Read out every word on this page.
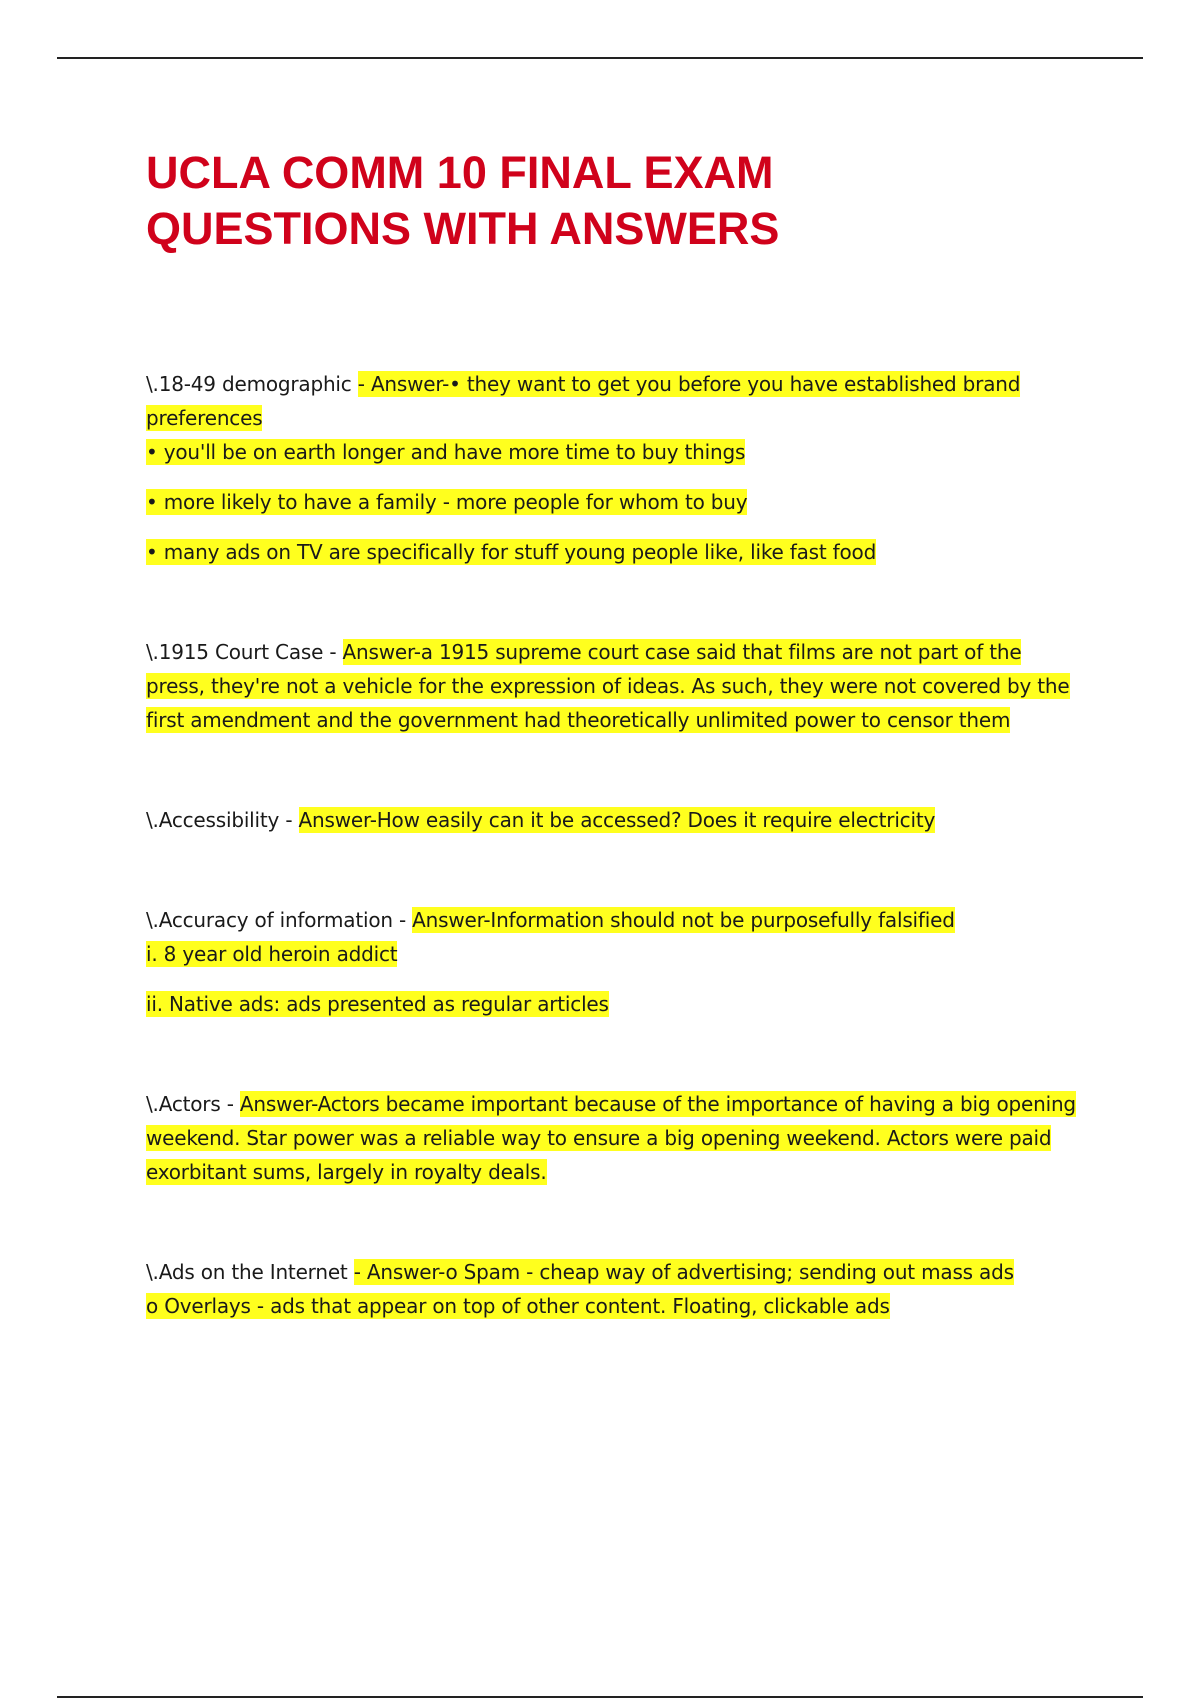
UCLA COMM 10 FINAL EXAM
QUESTIONS WITH ANSWERS

\.18-49 demographic - Answer-• they want to get you before you have established brand preferences

• you'll be on earth longer and have more time to buy things

• more likely to have a family - more people for whom to buy

• many ads on TV are specifically for stuff young people like, like fast food

\.1915 Court Case - Answer-a 1915 supreme court case said that films are not part of the press, they're not a vehicle for the expression of ideas. As such, they were not covered by the first amendment and the government had theoretically unlimited power to censor them

\.Accessibility - Answer-How easily can it be accessed? Does it require electricity

\.Accuracy of information - Answer-Information should not be purposefully falsified

i. 8 year old heroin addict

ii. Native ads: ads presented as regular articles

\.Actors - Answer-Actors became important because of the importance of having a big opening weekend. Star power was a reliable way to ensure a big opening weekend. Actors were paid exorbitant sums, largely in royalty deals.

\.Ads on the Internet - Answer-o Spam - cheap way of advertising; sending out mass ads

o Overlays - ads that appear on top of other content. Floating, clickable ads
